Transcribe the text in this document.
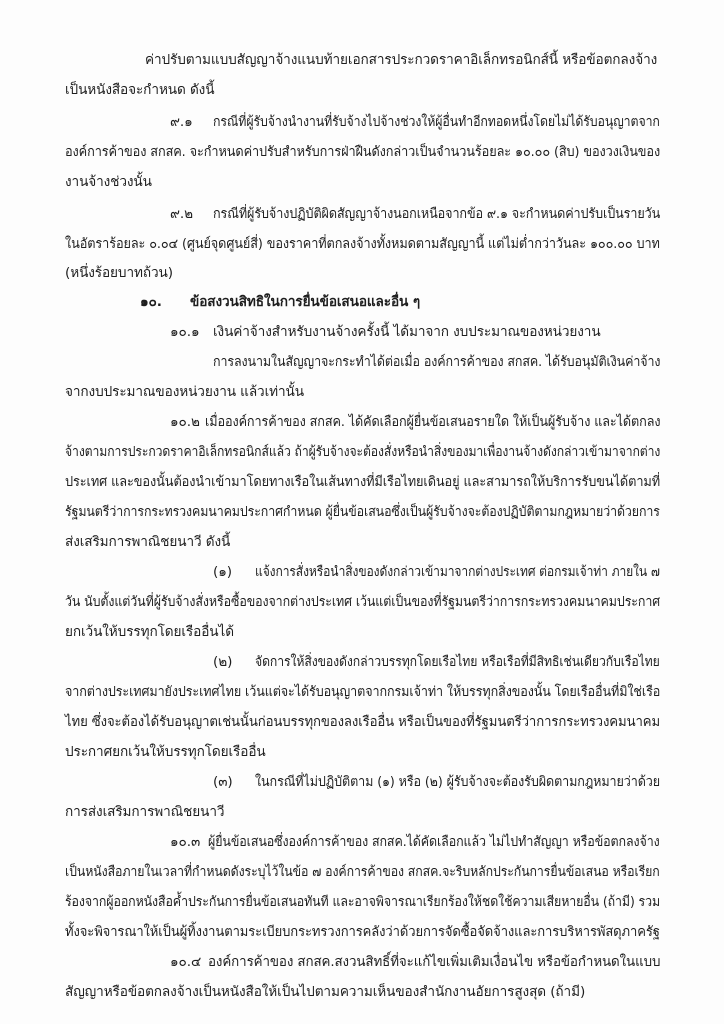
ค่าปรับตามแบบสัญญาจ้างแนบท้ายเอกสารประกวดราคาอิเล็กทรอนิกส์นี้ หรือข้อตกลงจ้าง
เป็นหนังสือจะกำหนด ดังนี้
๙.๑ กรณีที่ผู้รับจ้างนำงานที่รับจ้างไปจ้างช่วงให้ผู้อื่นทำอีกทอดหนึ่งโดยไม่ได้รับอนุญาตจาก
องค์การค้าของ สกสค. จะกำหนดค่าปรับสำหรับการฝ่าฝืนดังกล่าวเป็นจำนวนร้อยละ ๑๐.๐๐ (สิบ) ของวงเงินของ
งานจ้างช่วงนั้น
๙.๒ กรณีที่ผู้รับจ้างปฏิบัติผิดสัญญาจ้างนอกเหนือจากข้อ ๙.๑ จะกำหนดค่าปรับเป็นรายวัน
ในอัตราร้อยละ ๐.๐๔ (ศูนย์จุดศูนย์สี่) ของราคาที่ตกลงจ้างทั้งหมดตามสัญญานี้ แต่ไม่ต่ำกว่าวันละ ๑๐๐.๐๐ บาท
(หนึ่งร้อยบาทถ้วน)
๑๐. ข้อสงวนสิทธิในการยื่นข้อเสนอและอื่น ๆ
๑๐.๑ เงินค่าจ้างสำหรับงานจ้างครั้งนี้ ได้มาจาก งบประมาณของหน่วยงาน
การลงนามในสัญญาจะกระทำได้ต่อเมื่อ องค์การค้าของ สกสค. ได้รับอนุมัติเงินค่าจ้าง
จากงบประมาณของหน่วยงาน แล้วเท่านั้น
๑๐.๒ เมื่อองค์การค้าของ สกสค. ได้คัดเลือกผู้ยื่นข้อเสนอรายใด ให้เป็นผู้รับจ้าง และได้ตกลง
จ้างตามการประกวดราคาอิเล็กทรอนิกส์แล้ว ถ้าผู้รับจ้างจะต้องสั่งหรือนำสิ่งของมาเพื่องานจ้างดังกล่าวเข้ามาจากต่าง
ประเทศ และของนั้นต้องนำเข้ามาโดยทางเรือในเส้นทางที่มีเรือไทยเดินอยู่ และสามารถให้บริการรับขนได้ตามที่
รัฐมนตรีว่าการกระทรวงคมนาคมประกาศกำหนด ผู้ยื่นข้อเสนอซึ่งเป็นผู้รับจ้างจะต้องปฏิบัติตามกฎหมายว่าด้วยการ
ส่งเสริมการพาณิชยนาวี ดังนี้
(๑) แจ้งการสั่งหรือนำสิ่งของดังกล่าวเข้ามาจากต่างประเทศ ต่อกรมเจ้าท่า ภายใน ๗
วัน นับตั้งแต่วันที่ผู้รับจ้างสั่งหรือซื้อของจากต่างประเทศ เว้นแต่เป็นของที่รัฐมนตรีว่าการกระทรวงคมนาคมประกาศ
ยกเว้นให้บรรทุกโดยเรืออื่นได้
(๒) จัดการให้สิ่งของดังกล่าวบรรทุกโดยเรือไทย หรือเรือที่มีสิทธิเช่นเดียวกับเรือไทย
จากต่างประเทศมายังประเทศไทย เว้นแต่จะได้รับอนุญาตจากกรมเจ้าท่า ให้บรรทุกสิ่งของนั้น โดยเรืออื่นที่มิใช่เรือ
ไทย ซึ่งจะต้องได้รับอนุญาตเช่นนั้นก่อนบรรทุกของลงเรืออื่น หรือเป็นของที่รัฐมนตรีว่าการกระทรวงคมนาคม
ประกาศยกเว้นให้บรรทุกโดยเรืออื่น
(๓) ในกรณีที่ไม่ปฏิบัติตาม (๑) หรือ (๒) ผู้รับจ้างจะต้องรับผิดตามกฎหมายว่าด้วย
การส่งเสริมการพาณิชยนาวี
๑๐.๓ ผู้ยื่นข้อเสนอซึ่งองค์การค้าของ สกสค.ได้คัดเลือกแล้ว ไม่ไปทำสัญญา หรือข้อตกลงจ้าง
เป็นหนังสือภายในเวลาที่กำหนดดังระบุไว้ในข้อ ๗ องค์การค้าของ สกสค.จะริบหลักประกันการยื่นข้อเสนอ หรือเรียก
ร้องจากผู้ออกหนังสือค้ำประกันการยื่นข้อเสนอทันที และอาจพิจารณาเรียกร้องให้ชดใช้ความเสียหายอื่น (ถ้ามี) รวม
ทั้งจะพิจารณาให้เป็นผู้ทิ้งงานตามระเบียบกระทรวงการคลังว่าด้วยการจัดซื้อจัดจ้างและการบริหารพัสดุภาครัฐ
๑๐.๔ องค์การค้าของ สกสค.สงวนสิทธิ์ที่จะแก้ไขเพิ่มเติมเงื่อนไข หรือข้อกำหนดในแบบ
สัญญาหรือข้อตกลงจ้างเป็นหนังสือให้เป็นไปตามความเห็นของสำนักงานอัยการสูงสุด (ถ้ามี)
